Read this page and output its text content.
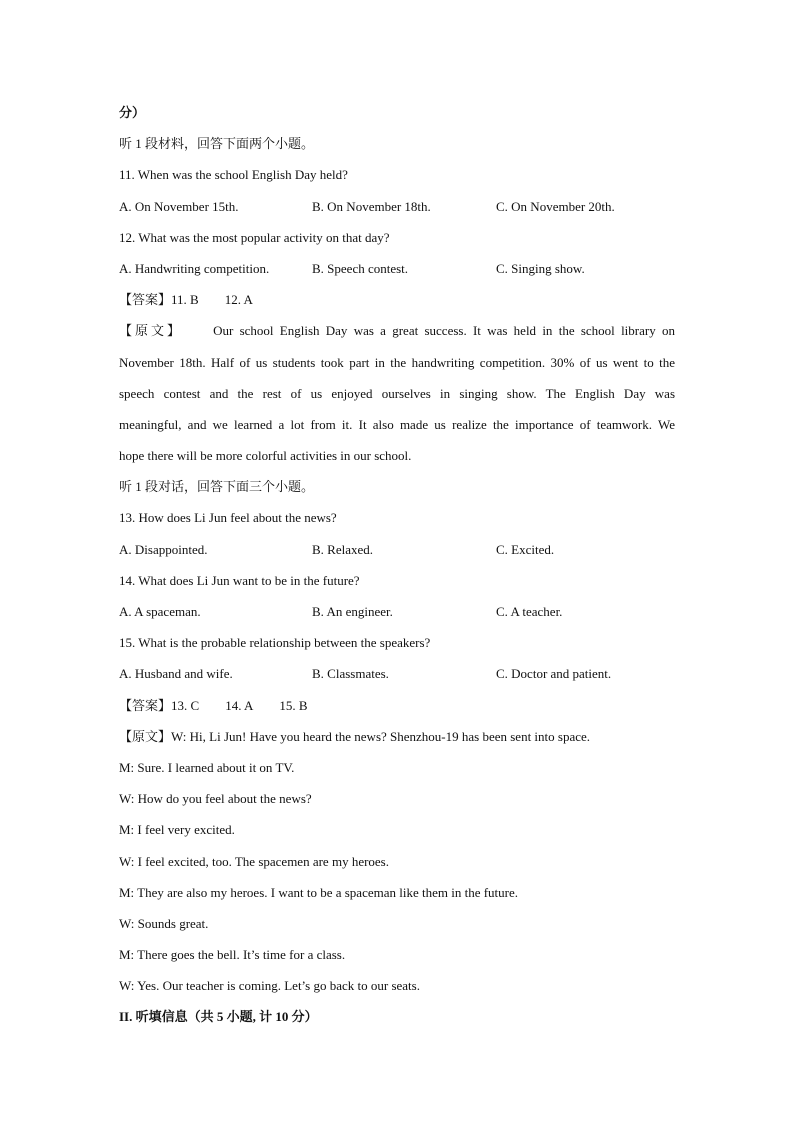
分）
听 1 段材料，回答下面两个小题。
11. When was the school English Day held?
A. On November 15th.	B. On November 18th.	C. On November 20th.
12. What was the most popular activity on that day?
A. Handwriting competition.	B. Speech contest.	C. Singing show.
【答案】11. B 12. A
【原文】 Our school English Day was a great success. It was held in the school library on
November 18th. Half of us students took part in the handwriting competition. 30% of us went to the
speech contest and the rest of us enjoyed ourselves in singing show. The English Day was
meaningful, and we learned a lot from it. It also made us realize the importance of teamwork. We
hope there will be more colorful activities in our school.
听 1 段对话，回答下面三个小题。
13. How does Li Jun feel about the news?
A. Disappointed.	B. Relaxed.	C. Excited.
14. What does Li Jun want to be in the future?
A. A spaceman.	B. An engineer.	C. A teacher.
15. What is the probable relationship between the speakers?
A. Husband and wife.	B. Classmates.	C. Doctor and patient.
【答案】13. C 14. A 15. B
【原文】W: Hi, Li Jun! Have you heard the news? Shenzhou-19 has been sent into space.
M: Sure. I learned about it on TV.
W: How do you feel about the news?
M: I feel very excited.
W: I feel excited, too. The spacemen are my heroes.
M: They are also my heroes. I want to be a spaceman like them in the future.
W: Sounds great.
M: There goes the bell. It’s time for a class.
W: Yes. Our teacher is coming. Let’s go back to our seats.
II. 听填信息（共 5 小题, 计 10 分）
